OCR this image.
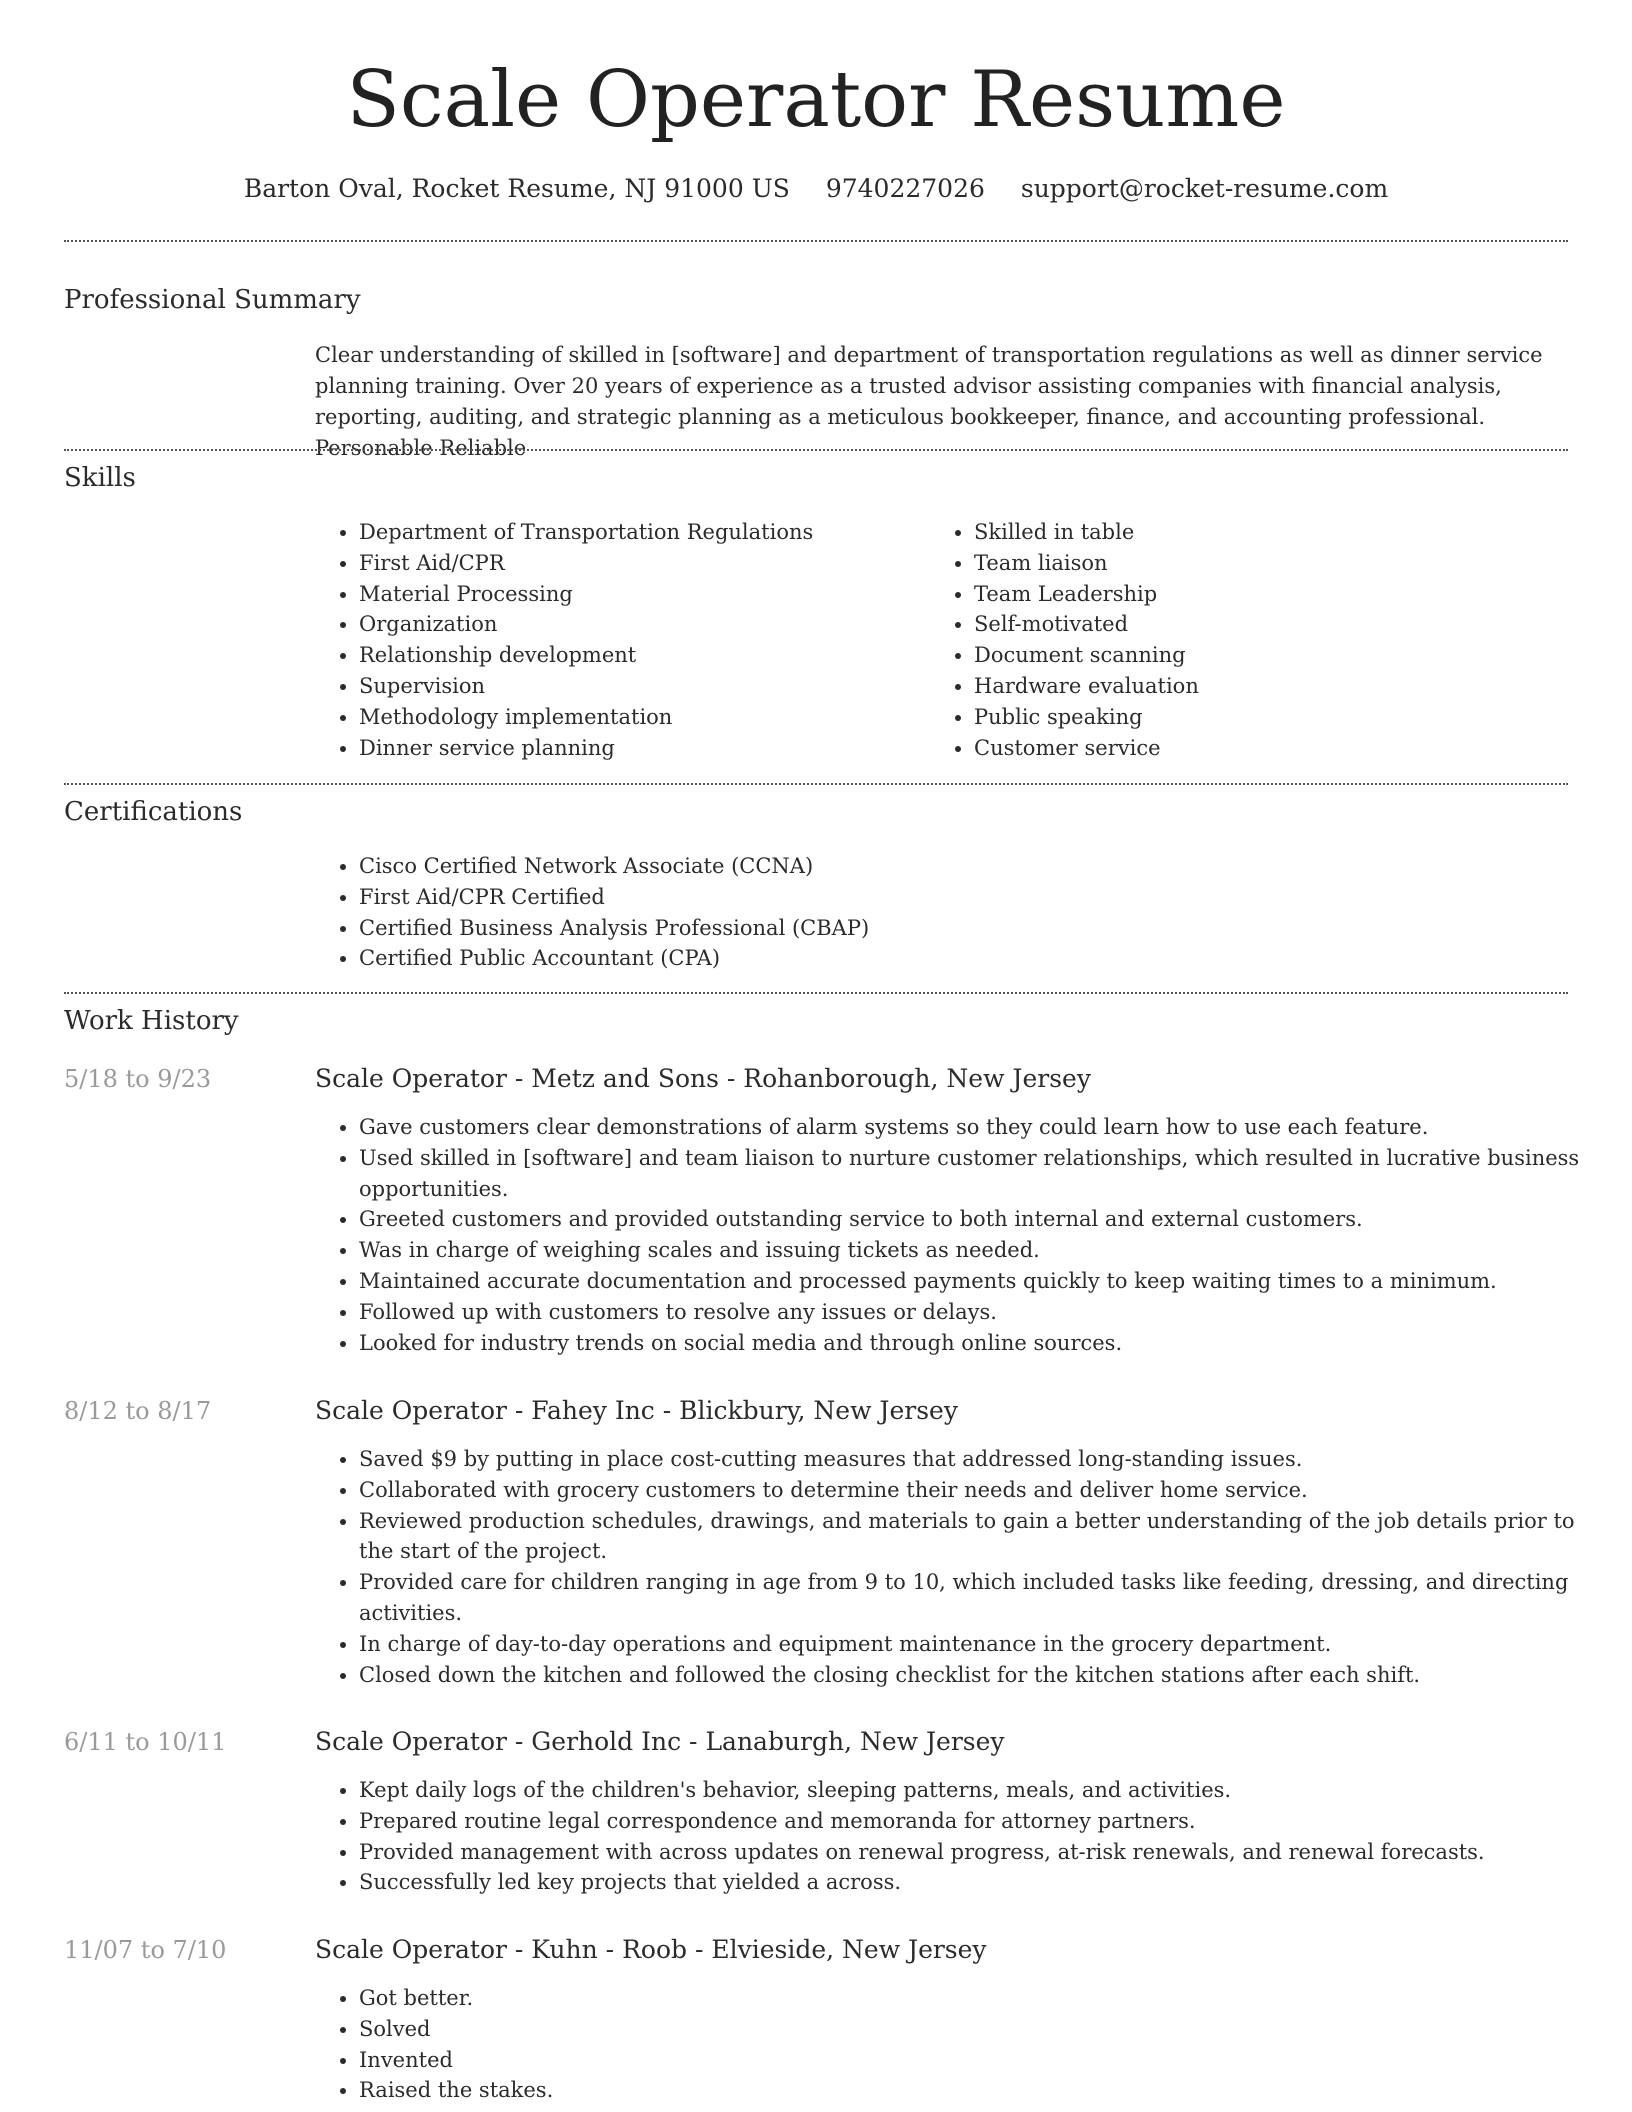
Scale Operator Resume
Barton Oval, Rocket Resume, NJ 91000 US 9740227026 support@rocket-resume.com
Professional Summary

Clear understanding of skilled in [software] and department of transportation regulations as well as dinner service planning training. Over 20 years of experience as a trusted advisor assisting companies with financial analysis, reporting, auditing, and strategic planning as a meticulous bookkeeper, finance, and accounting professional. Personable Reliable

Skills
• Department of Transportation Regulations
• First Aid/CPR
• Material Processing
• Organization
• Relationship development
• Supervision
• Methodology implementation
• Dinner service planning
• Skilled in table
• Team liaison
• Team Leadership
• Self-motivated
• Document scanning
• Hardware evaluation
• Public speaking
• Customer service
Certifications
• Cisco Certified Network Associate (CCNA)
• First Aid/CPR Certified
• Certified Business Analysis Professional (CBAP)
• Certified Public Accountant (CPA)
Work History
5/18 to 9/23	Scale Operator - Metz and Sons - Rohanborough, New Jersey
• Gave customers clear demonstrations of alarm systems so they could learn how to use each feature.
• Used skilled in [software] and team liaison to nurture customer relationships, which resulted in lucrative business opportunities.
• Greeted customers and provided outstanding service to both internal and external customers.
• Was in charge of weighing scales and issuing tickets as needed.
• Maintained accurate documentation and processed payments quickly to keep waiting times to a minimum.
• Followed up with customers to resolve any issues or delays.
• Looked for industry trends on social media and through online sources.
8/12 to 8/17	Scale Operator - Fahey Inc - Blickbury, New Jersey
• Saved $9 by putting in place cost-cutting measures that addressed long-standing issues.
• Collaborated with grocery customers to determine their needs and deliver home service.
• Reviewed production schedules, drawings, and materials to gain a better understanding of the job details prior to the start of the project.
• Provided care for children ranging in age from 9 to 10, which included tasks like feeding, dressing, and directing activities.
• In charge of day-to-day operations and equipment maintenance in the grocery department.
• Closed down the kitchen and followed the closing checklist for the kitchen stations after each shift.
6/11 to 10/11	Scale Operator - Gerhold Inc - Lanaburgh, New Jersey
• Kept daily logs of the children's behavior, sleeping patterns, meals, and activities.
• Prepared routine legal correspondence and memoranda for attorney partners.
• Provided management with across updates on renewal progress, at-risk renewals, and renewal forecasts.
• Successfully led key projects that yielded a across.
11/07 to 7/10	Scale Operator - Kuhn - Roob - Elvieside, New Jersey
• Got better.
• Solved
• Invented
• Raised the stakes.
